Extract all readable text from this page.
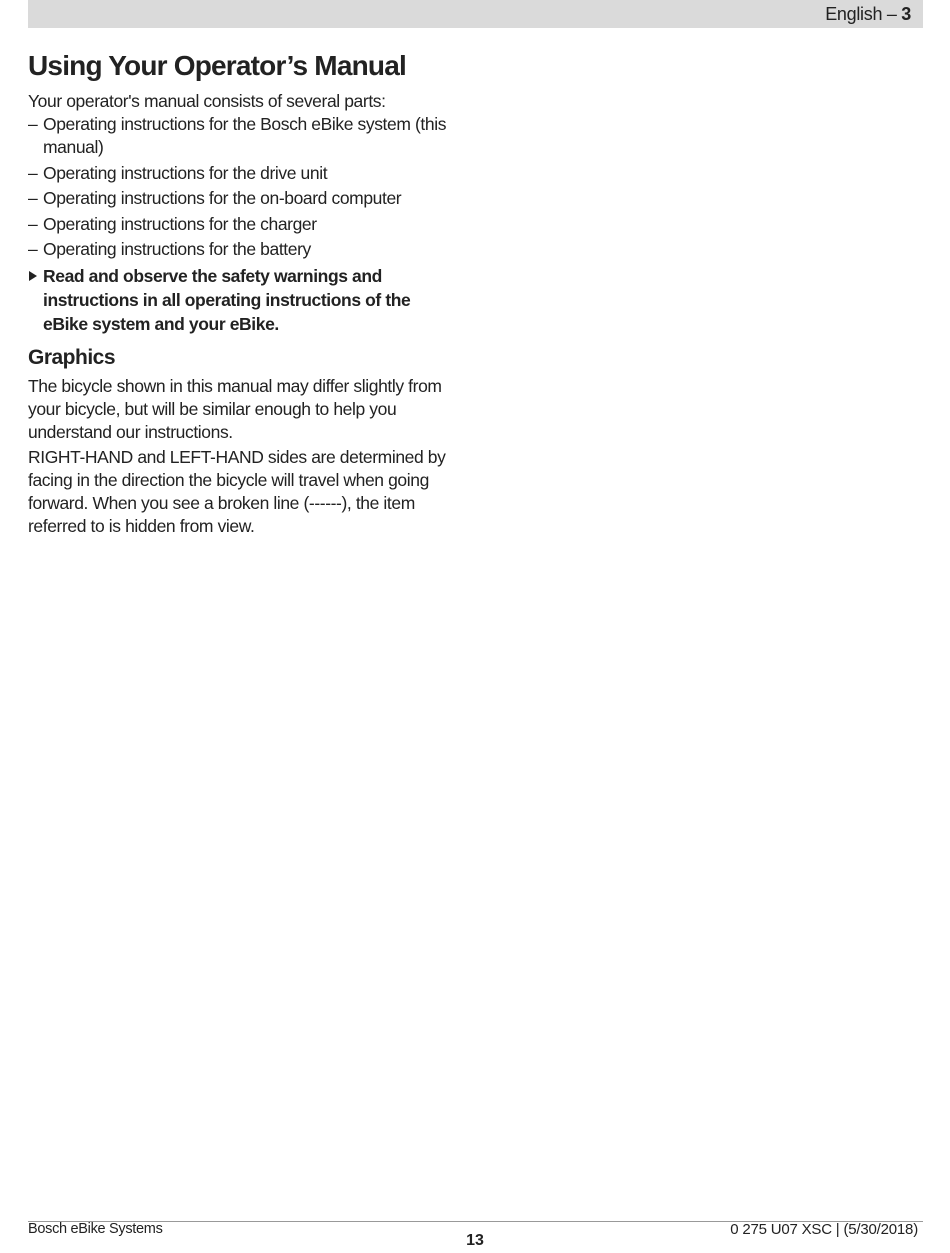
English – 3
Using Your Operator’s Manual

Your operator's manual consists of several parts:

– Operating instructions for the Bosch eBike system (this manual)
– Operating instructions for the drive unit
– Operating instructions for the on-board computer
– Operating instructions for the charger
– Operating instructions for the battery
Read and observe the safety warnings and instructions in all operating instructions of the eBike system and your eBike.
Graphics

The bicycle shown in this manual may differ slightly from your bicycle, but will be similar enough to help you understand our instructions.

RIGHT-HAND and LEFT-HAND sides are determined by facing in the direction the bicycle will travel when going forward. When you see a broken line (------), the item referred to is hidden from view.

Bosch eBike Systems
13
0 275 U07 XSC | (5/30/2018)
